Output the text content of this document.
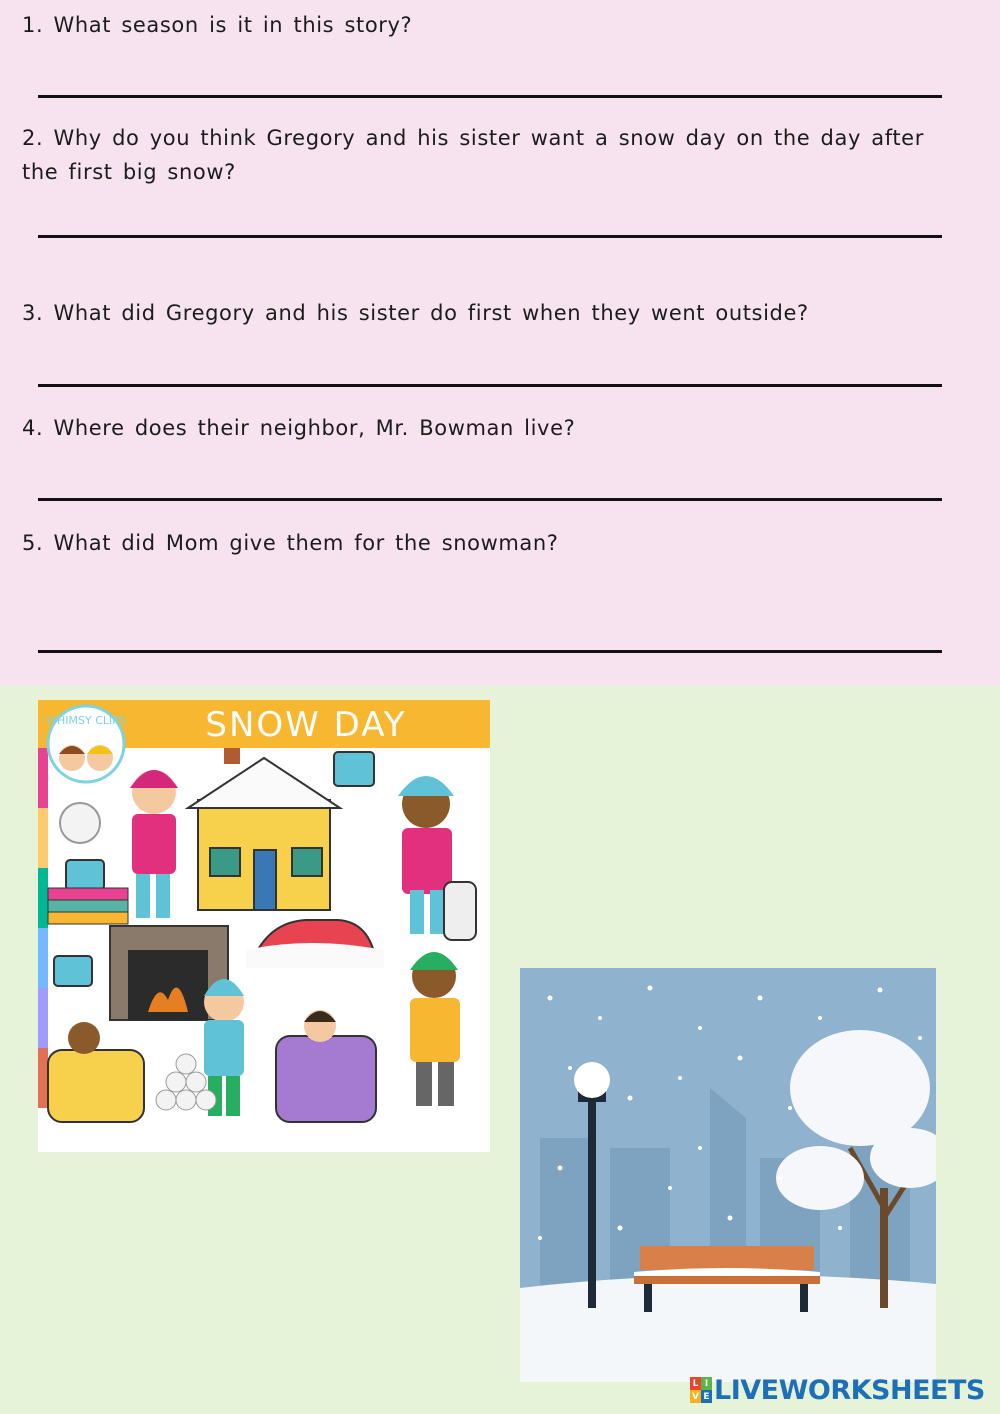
1. What season is it in this story?
2. Why do you think Gregory and his sister want a snow day on the day after the first big snow?
3. What did Gregory and his sister do first when they went outside?
4. Where does their neighbor, Mr. Bowman live?
5. What did Mom give them for the snowman?
WHIMSY CLIPS SNOW DAY
L I
V E LIVEWORKSHEETS
